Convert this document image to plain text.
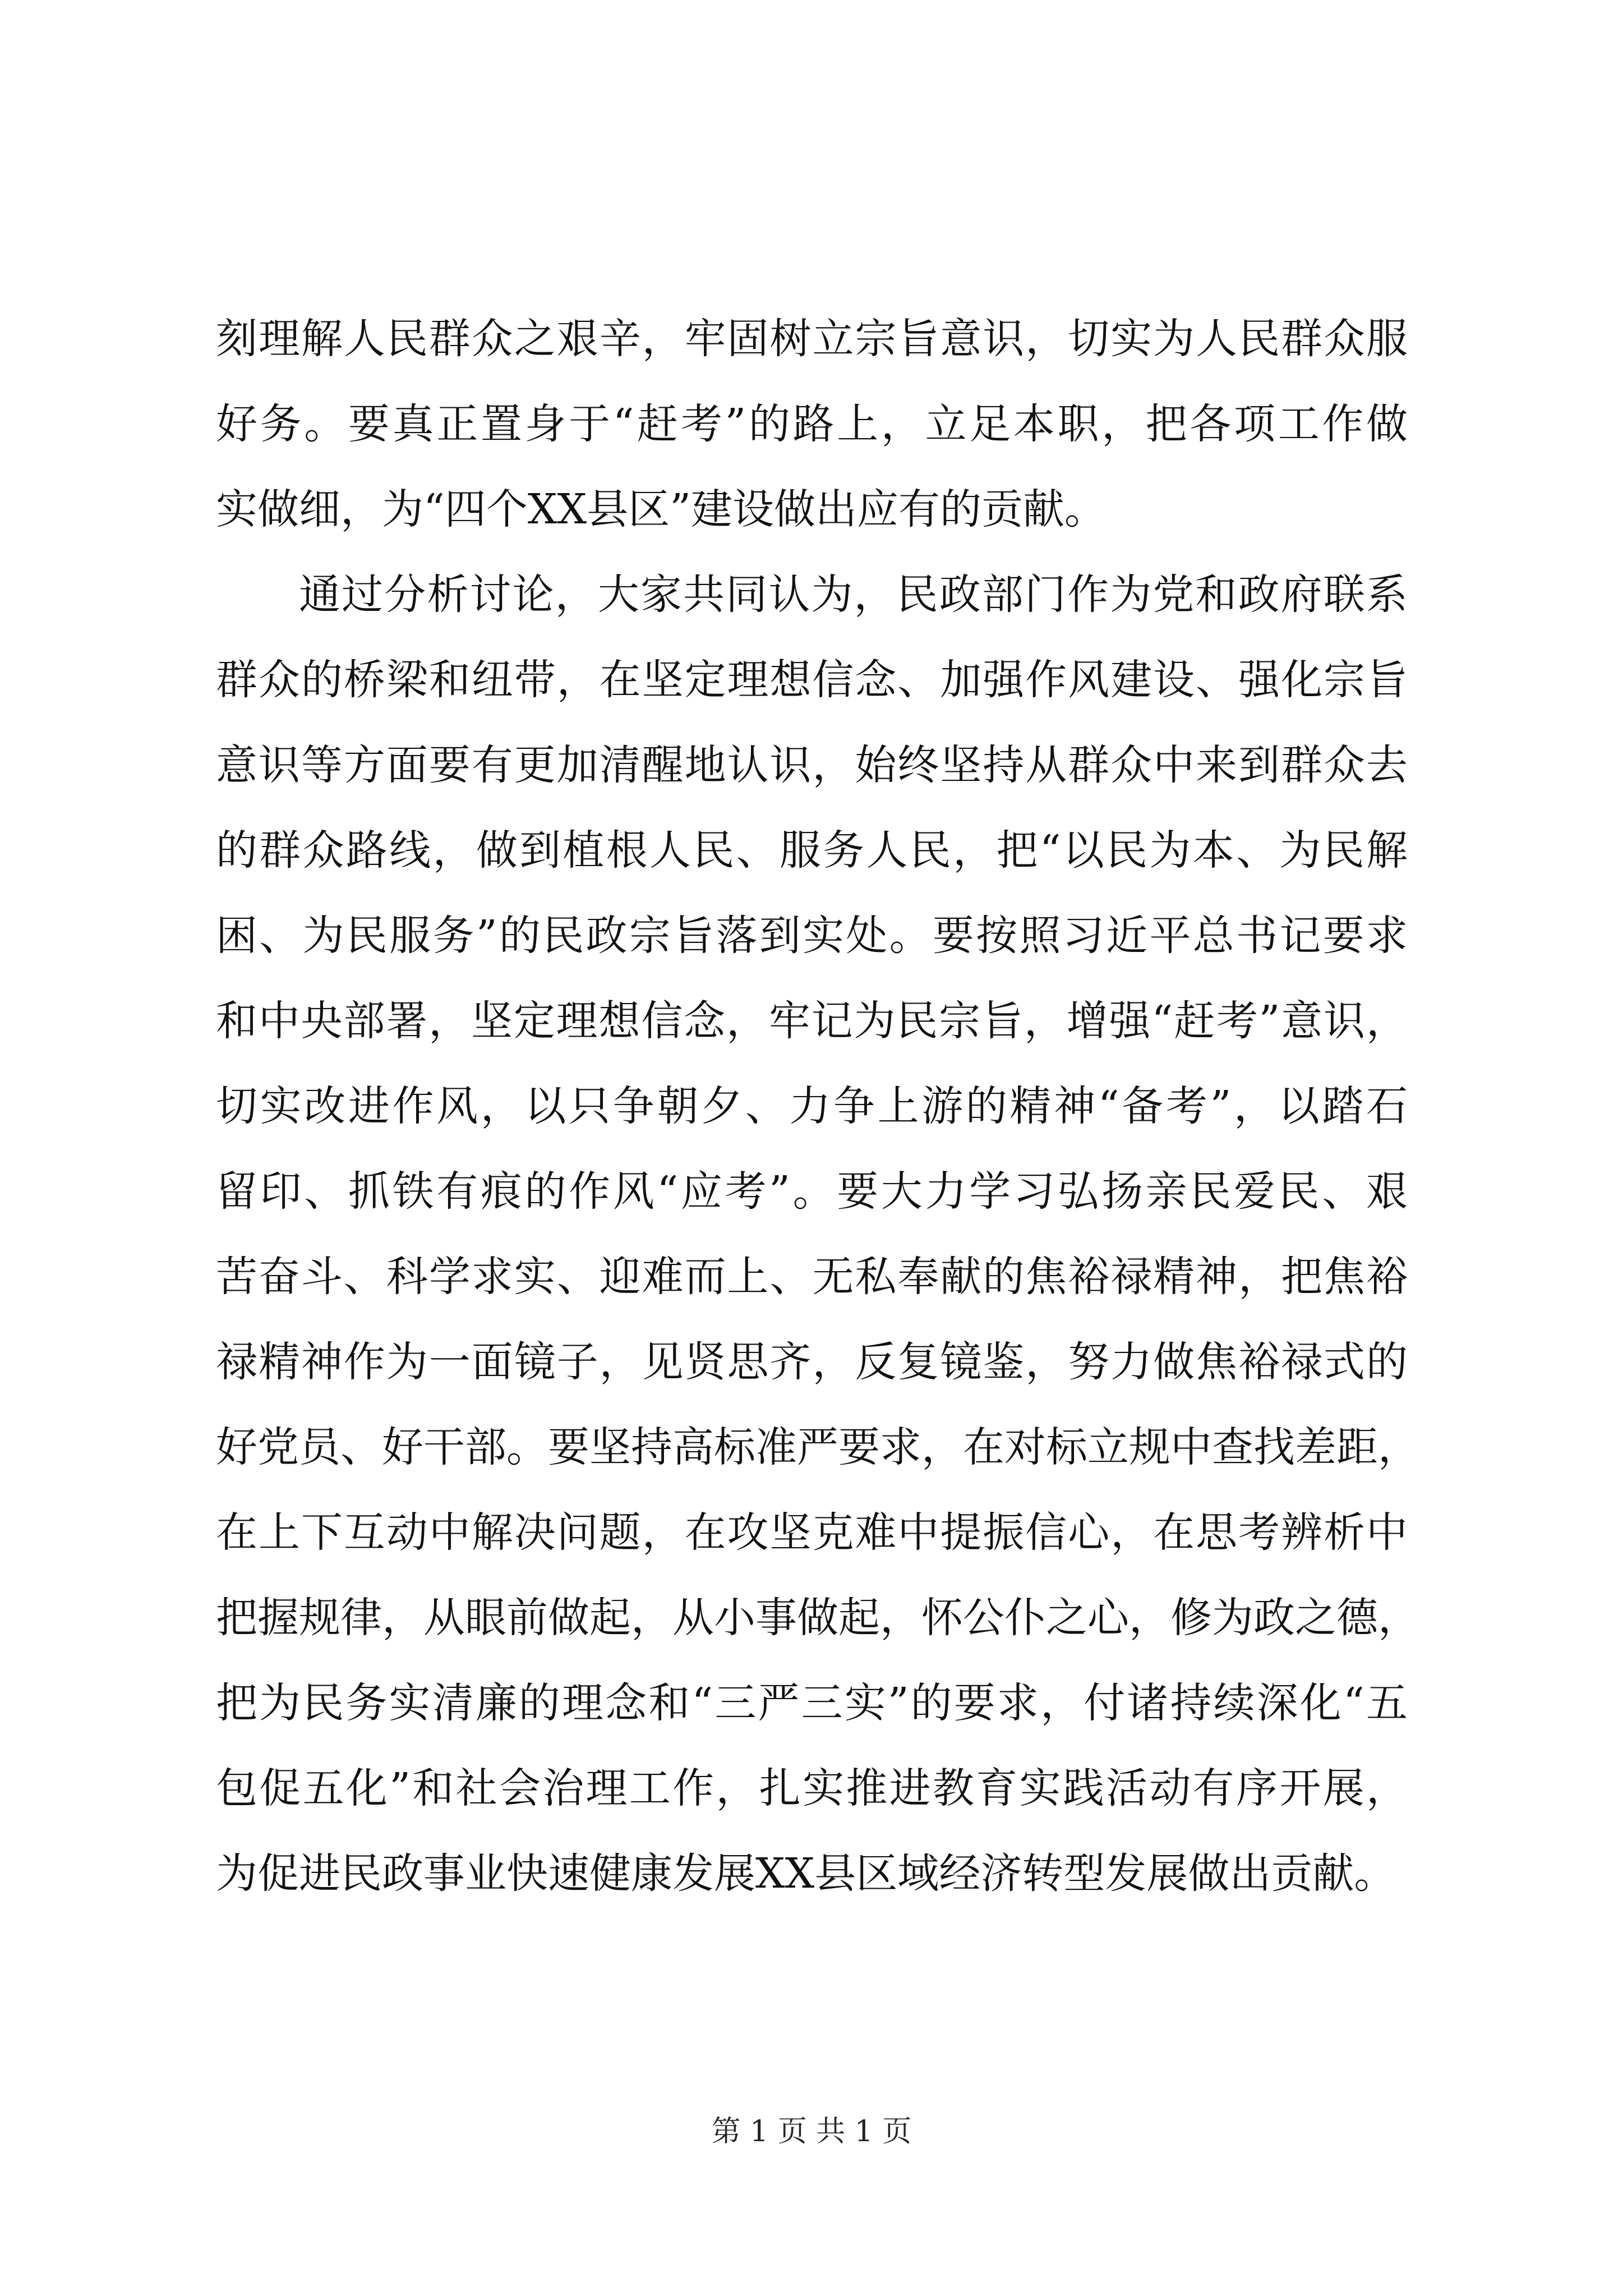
刻理解人民群众之艰辛，牢固树立宗旨意识，切实为人民群众服
好务。要真正置身于“赶考”的路上，立足本职，把各项工作做
实做细，为“四个XX县区”建设做出应有的贡献。

通过分析讨论，大家共同认为，民政部门作为党和政府联系
群众的桥梁和纽带，在坚定理想信念、加强作风建设、强化宗旨
意识等方面要有更加清醒地认识，始终坚持从群众中来到群众去
的群众路线，做到植根人民、服务人民，把“以民为本、为民解
困、为民服务”的民政宗旨落到实处。要按照习近平总书记要求
和中央部署，坚定理想信念，牢记为民宗旨，增强“赶考”意识，
切实改进作风，以只争朝夕、力争上游的精神“备考”，以踏石
留印、抓铁有痕的作风“应考”。要大力学习弘扬亲民爱民、艰
苦奋斗、科学求实、迎难而上、无私奉献的焦裕禄精神，把焦裕
禄精神作为一面镜子，见贤思齐，反复镜鉴，努力做焦裕禄式的
好党员、好干部。要坚持高标准严要求，在对标立规中查找差距，
在上下互动中解决问题，在攻坚克难中提振信心，在思考辨析中
把握规律，从眼前做起，从小事做起，怀公仆之心，修为政之德，
把为民务实清廉的理念和“三严三实”的要求，付诸持续深化“五
包促五化”和社会治理工作，扎实推进教育实践活动有序开展，
为促进民政事业快速健康发展XX县区域经济转型发展做出贡献。

第 1 页 共 1 页
